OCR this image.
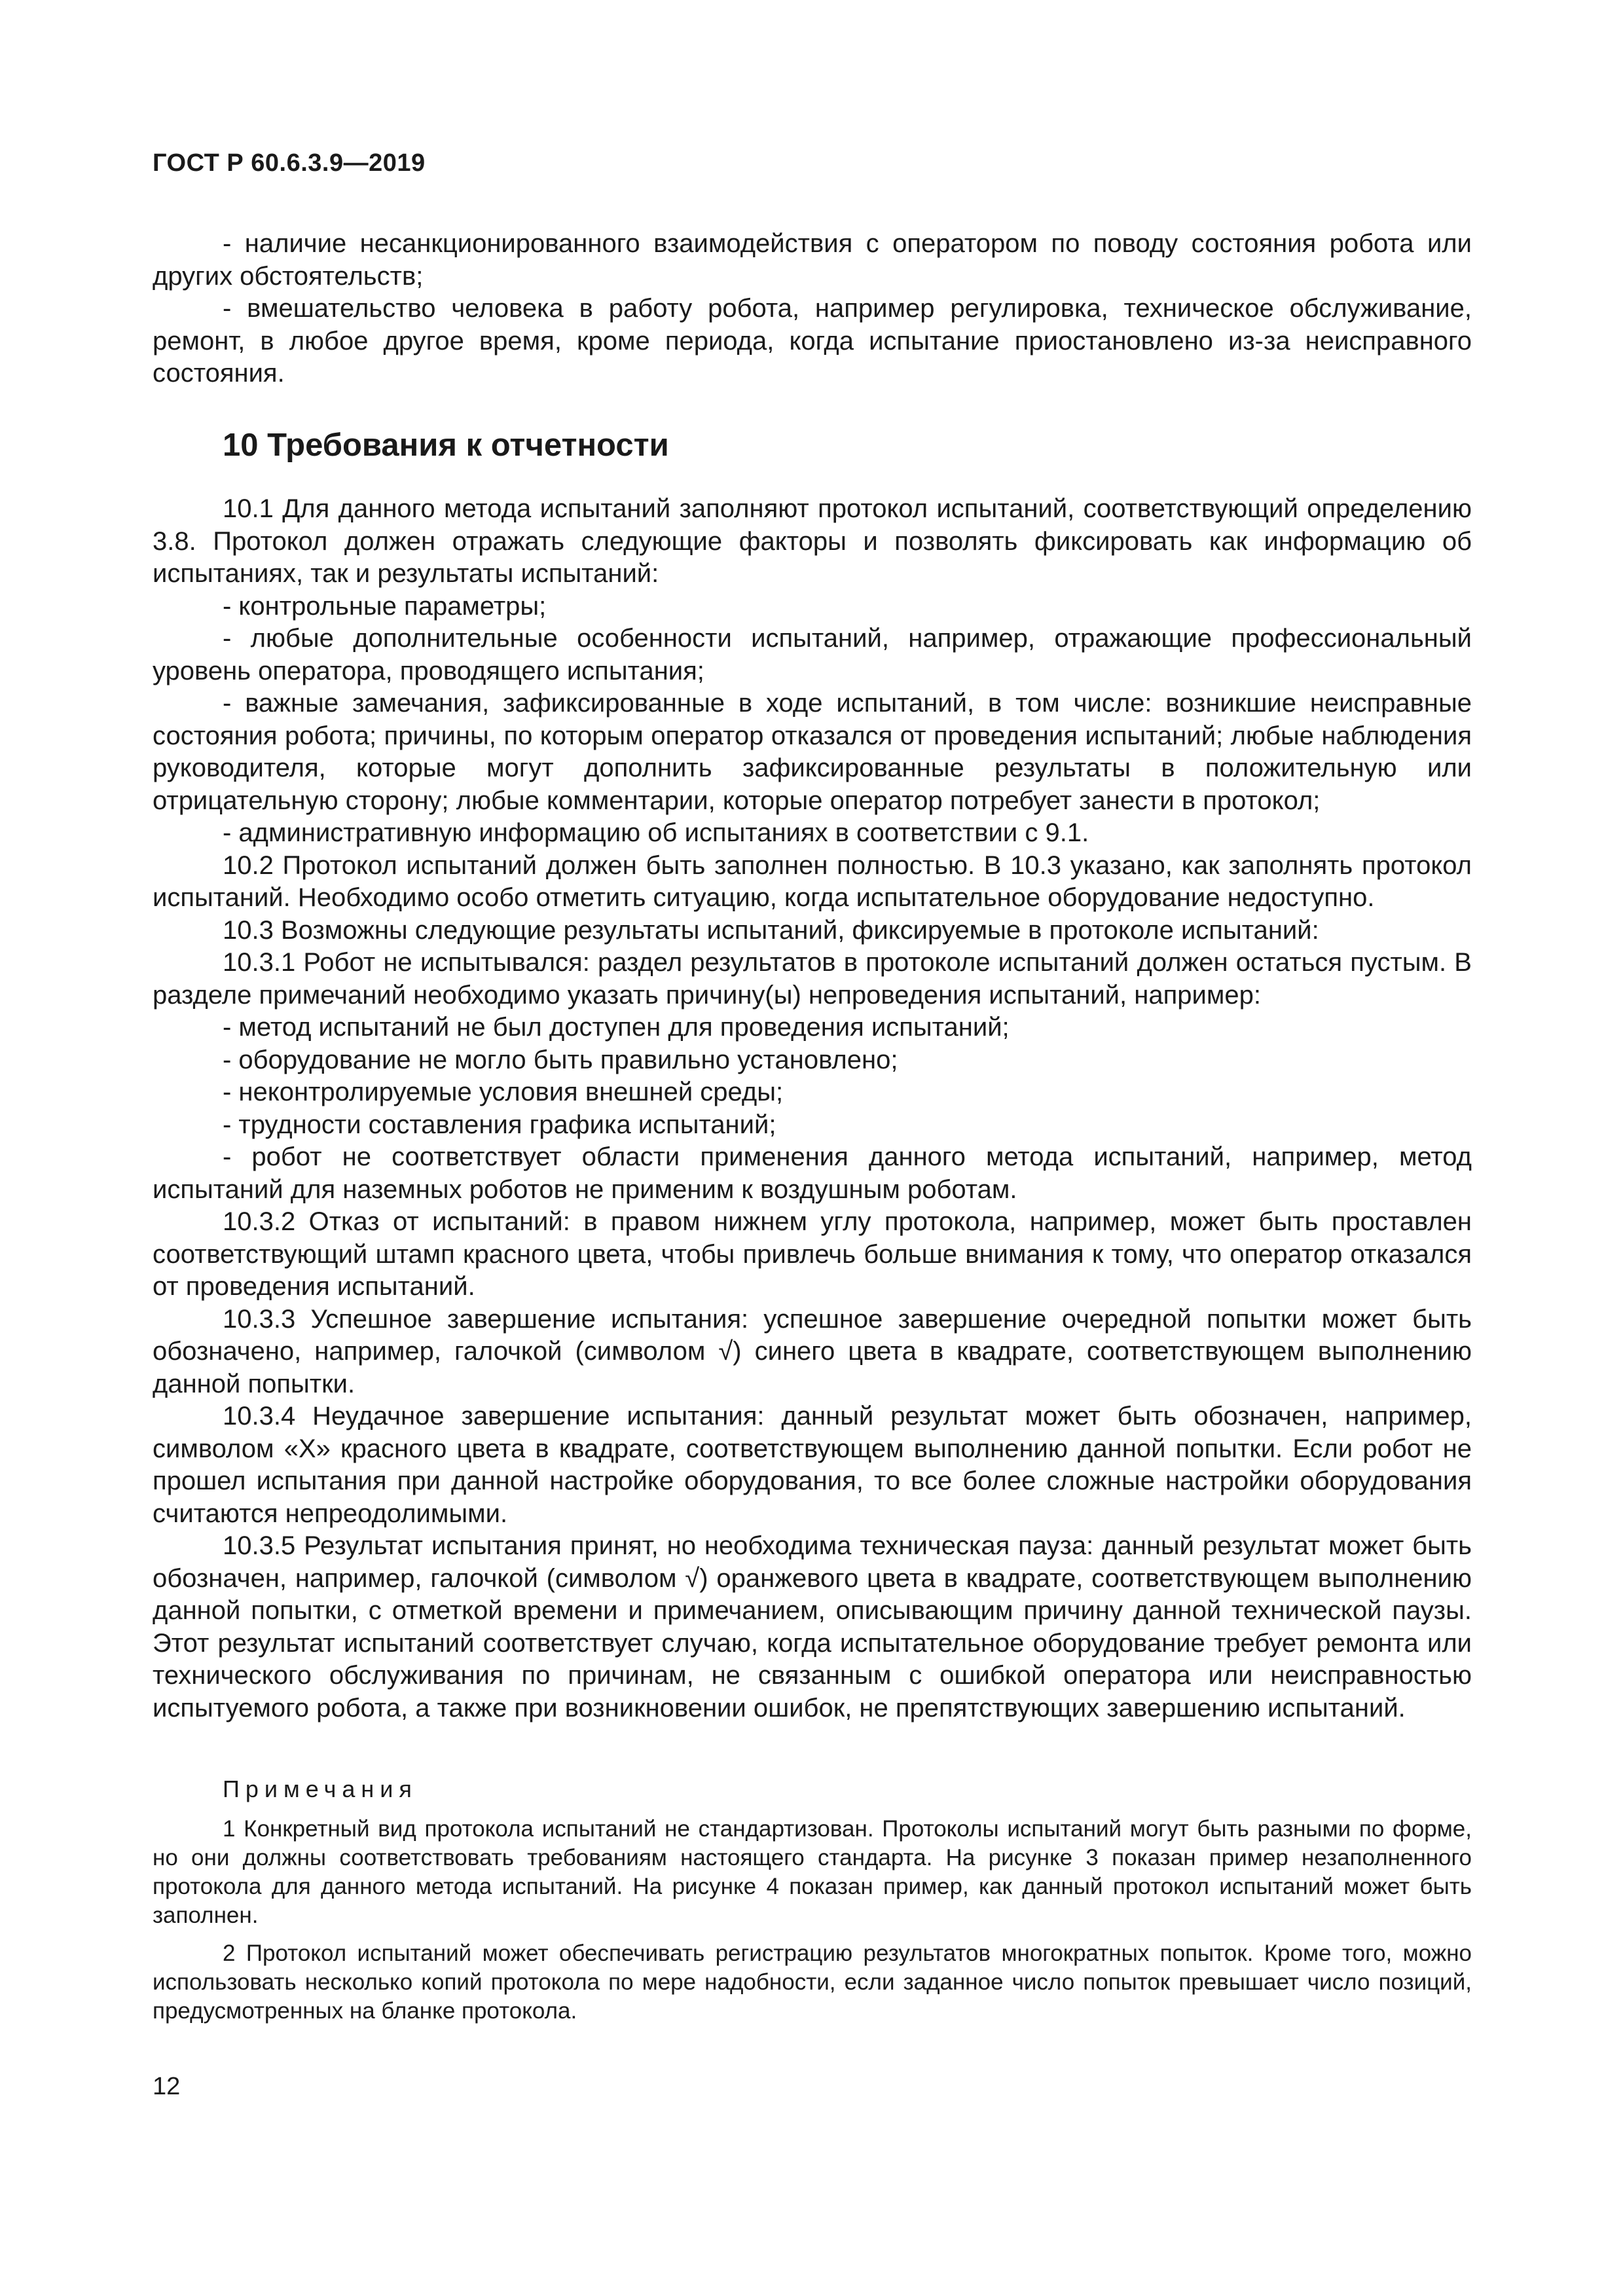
ГОСТ Р 60.6.3.9—2019

- наличие несанкционированного взаимодействия с оператором по поводу состояния робота или других обстоятельств;

- вмешательство человека в работу робота, например регулировка, техническое обслуживание, ремонт, в любое другое время, кроме периода, когда испытание приостановлено из-за неисправного состояния.

10 Требования к отчетности

10.1 Для данного метода испытаний заполняют протокол испытаний, соответствующий определению 3.8. Протокол должен отражать следующие факторы и позволять фиксировать как информацию об испытаниях, так и результаты испытаний:

- контрольные параметры;

- любые дополнительные особенности испытаний, например, отражающие профессиональный уровень оператора, проводящего испытания;

- важные замечания, зафиксированные в ходе испытаний, в том числе: возникшие неисправные состояния робота; причины, по которым оператор отказался от проведения испытаний; любые наблюдения руководителя, которые могут дополнить зафиксированные результаты в положительную или отрицательную сторону; любые комментарии, которые оператор потребует занести в протокол;

- административную информацию об испытаниях в соответствии с 9.1.

10.2 Протокол испытаний должен быть заполнен полностью. В 10.3 указано, как заполнять протокол испытаний. Необходимо особо отметить ситуацию, когда испытательное оборудование недоступно.

10.3 Возможны следующие результаты испытаний, фиксируемые в протоколе испытаний:

10.3.1 Робот не испытывался: раздел результатов в протоколе испытаний должен остаться пустым. В разделе примечаний необходимо указать причину(ы) непроведения испытаний, например:

- метод испытаний не был доступен для проведения испытаний;

- оборудование не могло быть правильно установлено;

- неконтролируемые условия внешней среды;

- трудности составления графика испытаний;

- робот не соответствует области применения данного метода испытаний, например, метод испытаний для наземных роботов не применим к воздушным роботам.

10.3.2 Отказ от испытаний: в правом нижнем углу протокола, например, может быть проставлен соответствующий штамп красного цвета, чтобы привлечь больше внимания к тому, что оператор отказался от проведения испытаний.

10.3.3 Успешное завершение испытания: успешное завершение очередной попытки может быть обозначено, например, галочкой (символом √) синего цвета в квадрате, соответствующем выполнению данной попытки.

10.3.4 Неудачное завершение испытания: данный результат может быть обозначен, например, символом «X» красного цвета в квадрате, соответствующем выполнению данной попытки. Если робот не прошел испытания при данной настройке оборудования, то все более сложные настройки оборудования считаются непреодолимыми.

10.3.5 Результат испытания принят, но необходима техническая пауза: данный результат может быть обозначен, например, галочкой (символом √) оранжевого цвета в квадрате, соответствующем выполнению данной попытки, с отметкой времени и примечанием, описывающим причину данной технической паузы. Этот результат испытаний соответствует случаю, когда испытательное оборудование требует ремонта или технического обслуживания по причинам, не связанным с ошибкой оператора или неисправностью испытуемого робота, а также при возникновении ошибок, не препятствующих завершению испытаний.

Примечания

1 Конкретный вид протокола испытаний не стандартизован. Протоколы испытаний могут быть разными по форме, но они должны соответствовать требованиям настоящего стандарта. На рисунке 3 показан пример незаполненного протокола для данного метода испытаний. На рисунке 4 показан пример, как данный протокол испытаний может быть заполнен.

2 Протокол испытаний может обеспечивать регистрацию результатов многократных попыток. Кроме того, можно использовать несколько копий протокола по мере надобности, если заданное число попыток превышает число позиций, предусмотренных на бланке протокола.

12
